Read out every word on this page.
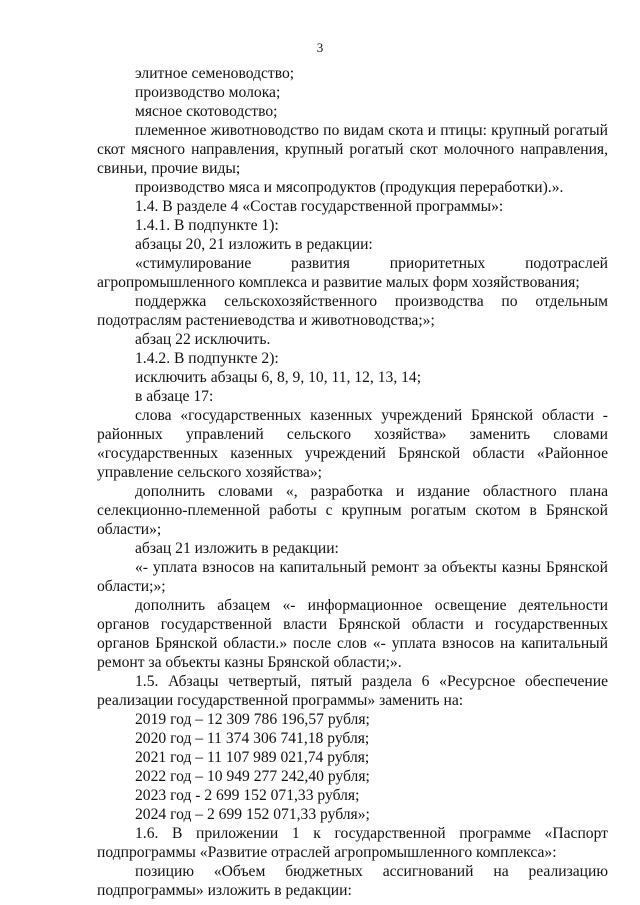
3

элитное семеноводство;

производство молока;

мясное скотоводство;

племенное животноводство по видам скота и птицы: крупный рогатый скот мясного направления, крупный рогатый скот молочного направления, свиньи, прочие виды;

производство мяса и мясопродуктов (продукция переработки).».

1.4. В разделе 4 «Состав государственной программы»:

1.4.1. В подпункте 1):

абзацы 20, 21 изложить в редакции:

«стимулирование развития приоритетных подотраслей агропромышленного комплекса и развитие малых форм хозяйствования;

поддержка сельскохозяйственного производства по отдельным подотраслям растениеводства и животноводства;»;

абзац 22 исключить.

1.4.2. В подпункте 2):

исключить абзацы 6, 8, 9, 10, 11, 12, 13, 14;

в абзаце 17:

слова «государственных казенных учреждений Брянской области - районных управлений сельского хозяйства» заменить словами «государственных казенных учреждений Брянской области «Районное управление сельского хозяйства»;

дополнить словами «, разработка и издание областного плана селекционно-племенной работы с крупным рогатым скотом в Брянской области»;

абзац 21 изложить в редакции:

«- уплата взносов на капитальный ремонт за объекты казны Брянской области;»;

дополнить абзацем «- информационное освещение деятельности органов государственной власти Брянской области и государственных органов Брянской области.» после слов «- уплата взносов на капитальный ремонт за объекты казны Брянской области;».

1.5. Абзацы четвертый, пятый раздела 6 «Ресурсное обеспечение реализации государственной программы» заменить на:

2019 год – 12 309 786 196,57 рубля;

2020 год – 11 374 306 741,18 рубля;

2021 год – 11 107 989 021,74 рубля;

2022 год – 10 949 277 242,40 рубля;

2023 год - 2 699 152 071,33 рубля;

2024 год – 2 699 152 071,33 рубля»;

1.6. В приложении 1 к государственной программе «Паспорт подпрограммы «Развитие отраслей агропромышленного комплекса»:

позицию «Объем бюджетных ассигнований на реализацию подпрограммы» изложить в редакции:
